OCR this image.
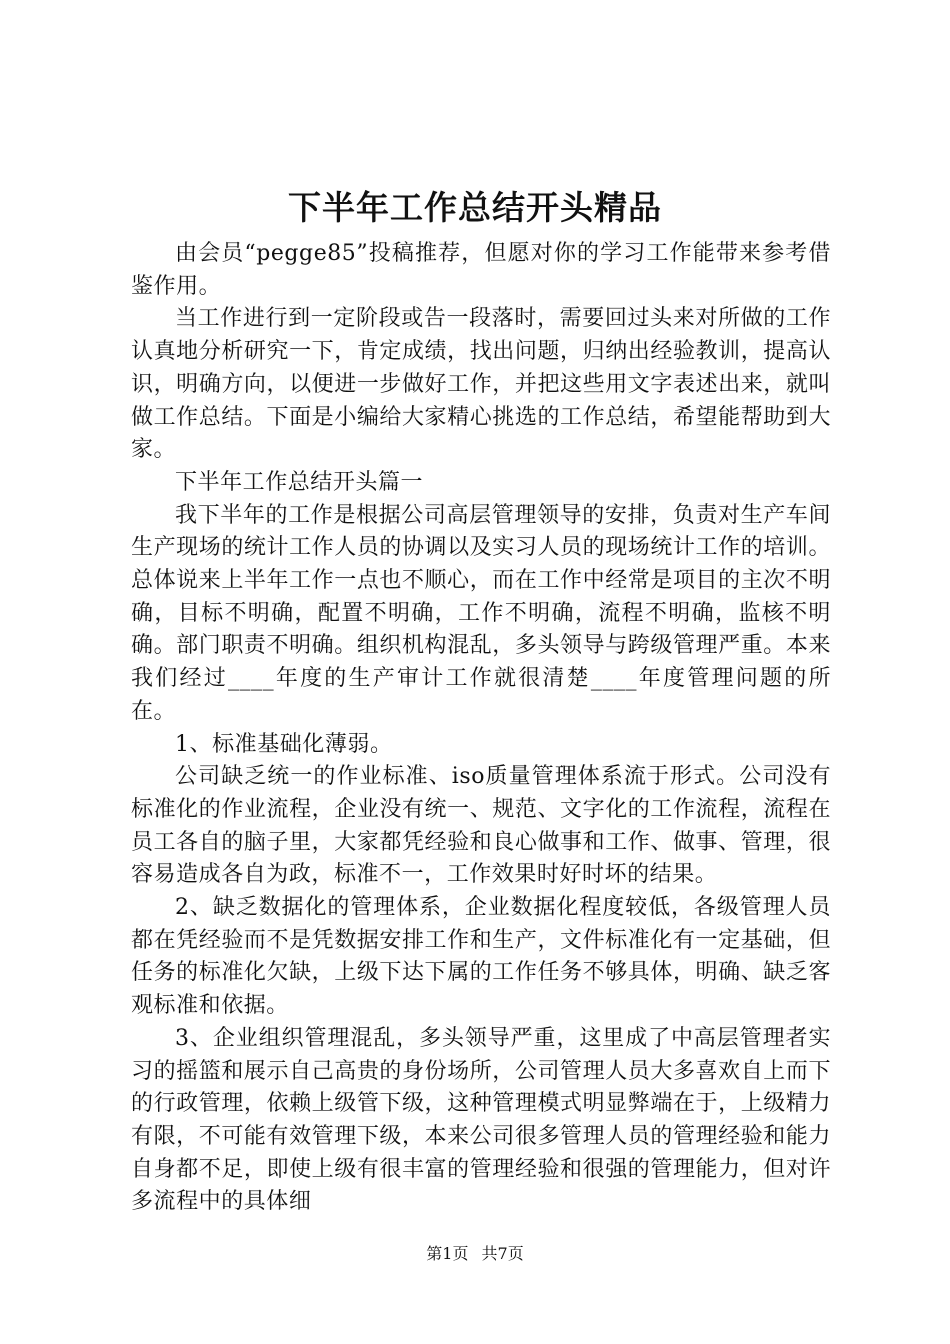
下半年工作总结开头精品

由会员“pegge85”投稿推荐，但愿对你的学习工作能带来参考借鉴作用。

当工作进行到一定阶段或告一段落时，需要回过头来对所做的工作认真地分析研究一下，肯定成绩，找出问题，归纳出经验教训，提高认识，明确方向，以便进一步做好工作，并把这些用文字表述出来，就叫做工作总结。下面是小编给大家精心挑选的工作总结，希望能帮助到大家。

下半年工作总结开头篇一

我下半年的工作是根据公司高层管理领导的安排，负责对生产车间生产现场的统计工作人员的协调以及实习人员的现场统计工作的培训。总体说来上半年工作一点也不顺心，而在工作中经常是项目的主次不明确，目标不明确，配置不明确，工作不明确，流程不明确，监核不明确。部门职责不明确。组织机构混乱，多头领导与跨级管理严重。本来我们经过____年度的生产审计工作就很清楚____年度管理问题的所在。

1、标准基础化薄弱。

公司缺乏统一的作业标准、iso质量管理体系流于形式。公司没有标准化的作业流程，企业没有统一、规范、文字化的工作流程，流程在员工各自的脑子里，大家都凭经验和良心做事和工作、做事、管理，很容易造成各自为政，标准不一，工作效果时好时坏的结果。

2、缺乏数据化的管理体系，企业数据化程度较低，各级管理人员都在凭经验而不是凭数据安排工作和生产，文件标准化有一定基础，但任务的标准化欠缺，上级下达下属的工作任务不够具体，明确、缺乏客观标准和依据。

3、企业组织管理混乱，多头领导严重，这里成了中高层管理者实习的摇篮和展示自己高贵的身份场所，公司管理人员大多喜欢自上而下的行政管理，依赖上级管下级，这种管理模式明显弊端在于，上级精力有限，不可能有效管理下级，本来公司很多管理人员的管理经验和能力自身都不足，即使上级有很丰富的管理经验和很强的管理能力，但对许多流程中的具体细

第1页 共7页
